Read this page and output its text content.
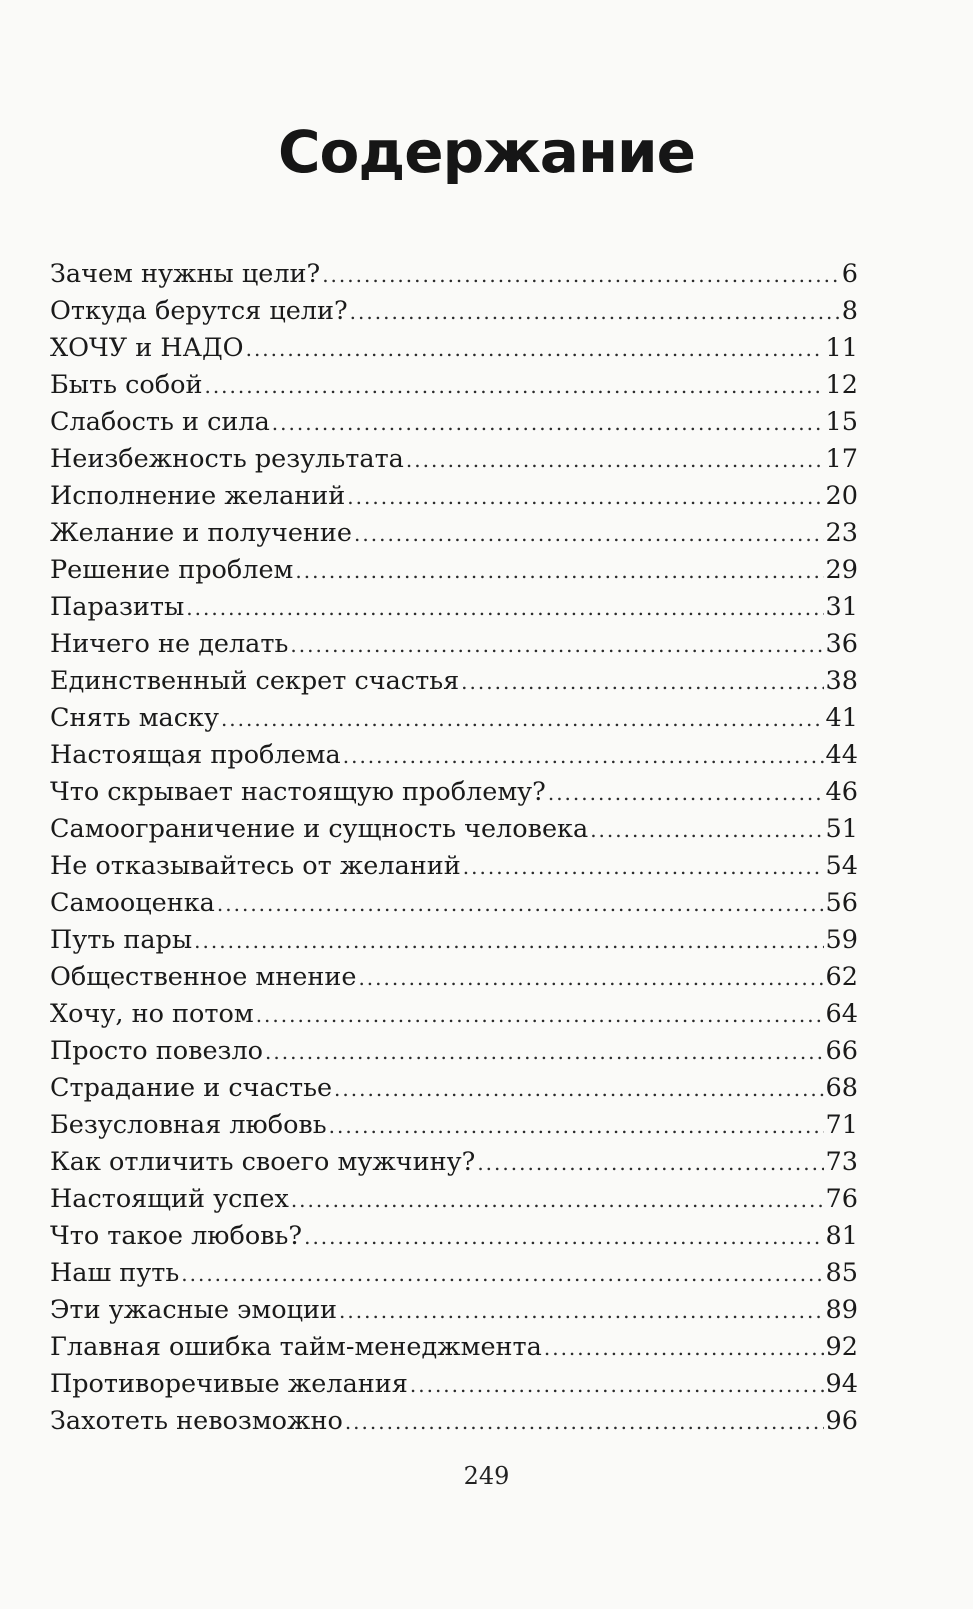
Содержание
Зачем нужны цели? .....	6
Откуда берутся цели? .....	8
ХОЧУ и НАДО .....	11
Быть собой .....	12
Слабость и сила .....	15
Неизбежность результата .....	17
Исполнение желаний .....	20
Желание и получение .....	23
Решение проблем .....	29
Паразиты .....	31
Ничего не делать .....	36
Единственный секрет счастья .....	38
Снять маску .....	41
Настоящая проблема .....	44
Что скрывает настоящую проблему? .....	46
Самоограничение и сущность человека .....	51
Не отказывайтесь от желаний .....	54
Самооценка .....	56
Путь пары .....	59
Общественное мнение .....	62
Хочу, но потом .....	64
Просто повезло .....	66
Страдание и счастье .....	68
Безусловная любовь .....	71
Как отличить своего мужчину? .....	73
Настоящий успех .....	76
Что такое любовь? .....	81
Наш путь .....	85
Эти ужасные эмоции .....	89
Главная ошибка тайм-менеджмента .....	92
Противоречивые желания .....	94
Захотеть невозможно .....	96
249
